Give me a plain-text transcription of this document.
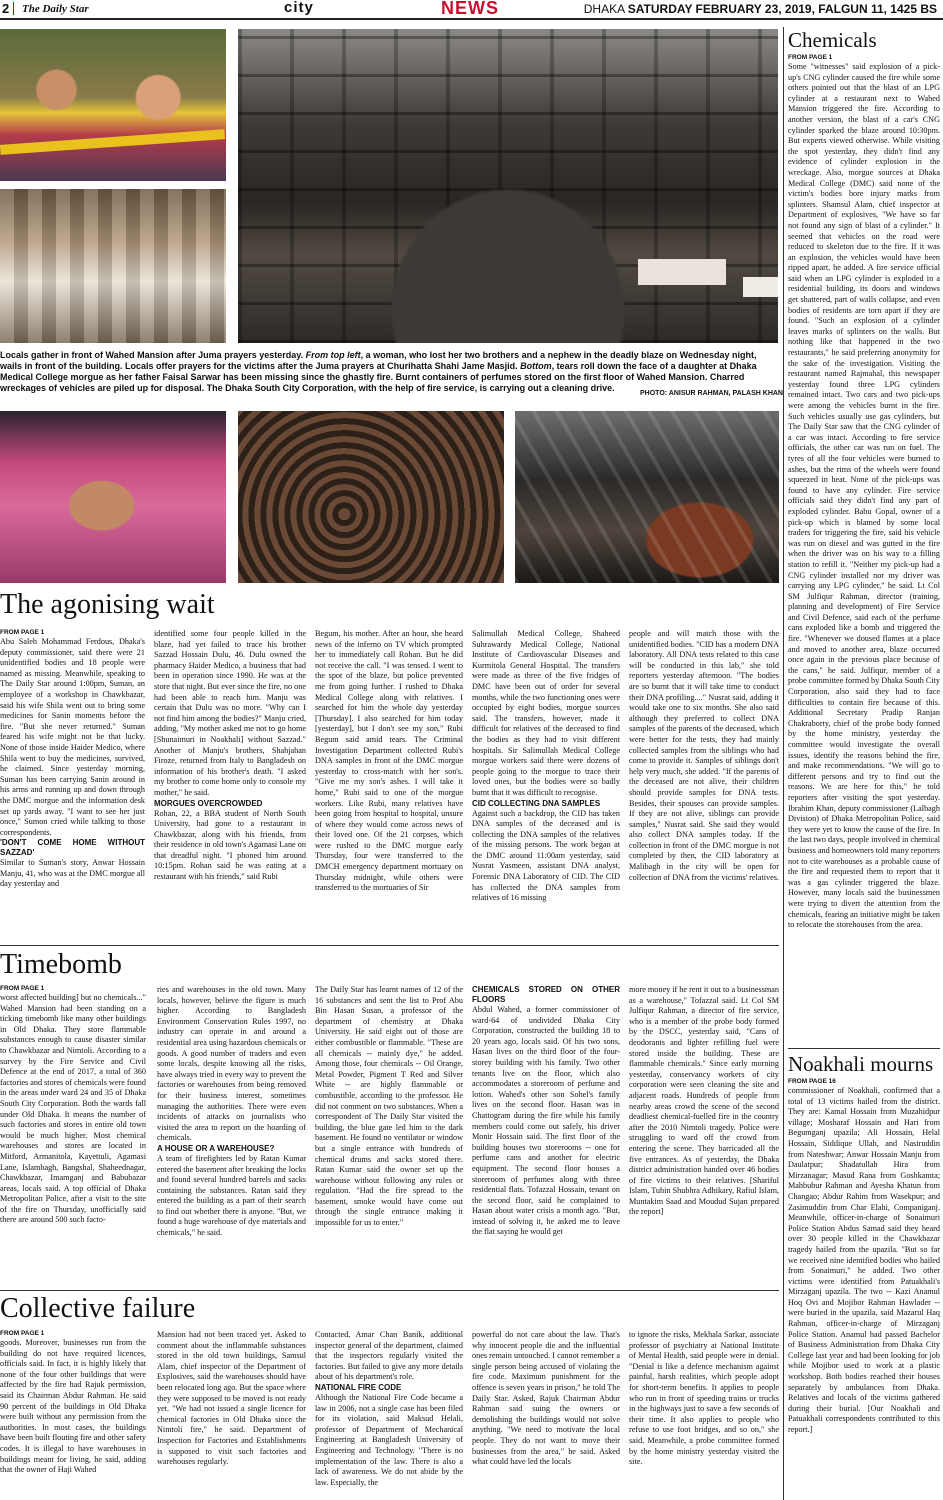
2 The Daily Star	city	NEWS	DHAKA SATURDAY FEBRUARY 23, 2019, FALGUN 11, 1425 BS
Locals gather in front of Wahed Mansion after Juma prayers yesterday. From top left, a woman, who lost her two brothers and a nephew in the deadly blaze on Wednesday night, wails in front of the building. Locals offer prayers for the victims after the Juma prayers at Churihatta Shahi Jame Masjid. Bottom, tears roll down the face of a daughter at Dhaka Medical College morgue as her father Faisal Sarwar has been missing since the ghastly fire. Burnt containers of perfumes stored on the first floor of Wahed Mansion. Charred wreckages of vehicles are piled up for disposal. The Dhaka South City Corporation, with the help of fire service, is carrying out a cleaning drive.
PHOTO: ANISUR RAHMAN, PALASH KHAN
The agonising wait
FROM PAGE 1

Abu Saleh Mohammad Ferdous, Dhaka's deputy commissioner, said there were 21 unidentified bodies and 18 people were named as missing. Meanwhile, speaking to The Daily Star around 1:00pm, Suman, an employee of a workshop in Chawkbazar, said his wife Shila went out to bring some medicines for Sanin moments before the fire. "But she never returned." Suman feared his wife might not be that lucky. None of those inside Haider Medico, where Shila went to buy the medicines, survived, he claimed. Since yesterday morning, Suman has been carrying Sanin around in his arms and running up and down through the DMC morgue and the information desk set up yards away. "I want to see her just once," Sumon cried while talking to those correspondents.

'DON'T COME HOME WITHOUT SAZZAD'

Similar to Suman's story, Anwar Hossain Manju, 41, who was at the DMC morgue all day yesterday and

identified some four people killed in the blaze, had yet failed to trace his brother Sazzad Hossain Dulu, 46. Dulu owned the pharmacy Haider Medico, a business that had been in operation since 1990. He was at the store that night. But ever since the fire, no one had been able to reach him. Manju was certain that Dulu was no more. "Why can I not find him among the bodies?" Manju cried, adding, "My mother asked me not to go home [Shunaimuri in Noakhali] without Sazzad." Another of Manju's brothers, Shahjahan Firoze, returned from Italy to Bangladesh on information of his brother's death. "I asked my brother to come home only to console my mother," he said.

MORGUES OVERCROWDED

Rohan, 22, a BBA student of North South University, had gone to a restaurant in Chawkbazar, along with his friends, from their residence in old town's Agamasi Lane on that dreadful night. "I phoned him around 10:15pm. Rohan said he was eating at a restaurant with his friends," said Rubi

Begum, his mother. After an hour, she heard news of the inferno on TV which prompted her to immediately call Rohan. But he did not receive the call. "I was tensed. I went to the spot of the blaze, but police prevented me from going further. I rushed to Dhaka Medical College along with relatives. I searched for him the whole day yesterday [Thursday]. I also searched for him today [yesterday], but I don't see my son," Rubi Begum said amid tears. The Criminal Investigation Department collected Rubi's DNA samples in front of the DMC morgue yesterday to cross-match with her son's. "Give me my son's ashes. I will take it home," Rubi said to one of the morgue workers. Like Rubi, many relatives have been going from hospital to hospital, unsure of where they would come across news of their loved one. Of the 21 corpses, which were rushed to the DMC morgue early Thursday, four were transferred to the DMCH emergency department mortuary on Thursday midnight, while others were transferred to the mortuaries of Sir

Salimullah Medical College, Shaheed Suhrawardy Medical College, National Institute of Cardiovascular Diseases and Kurmitola General Hospital. The transfers were made as three of the five fridges of DMC have been out of order for several months, while the two functioning ones were occupied by eight bodies, morgue sources said. The transfers, however, made it difficult for relatives of the deceased to find the bodies as they had to visit different hospitals. Sir Salimullah Medical College morgue workers said there were dozens of people going to the morgue to trace their loved ones, but the bodies were so badly burnt that it was difficult to recognise.

CID COLLECTING DNA SAMPLES

Against such a backdrop, the CID has taken DNA samples of the deceased and is collecting the DNA samples of the relatives of the missing persons. The work began at the DMC around 11:00am yesterday, said Nusrat Yasmeen, assistant DNA analyst, Forensic DNA Laboratory of CID. The CID has collected the DNA samples from relatives of 16 missing

people and will match those with the unidentified bodies. "CID has a modern DNA laboratory. All DNA tests related to this case will be conducted in this lab," she told reporters yesterday afternoon. "The bodies are so burnt that it will take time to conduct their DNA profiling...." Nusrat said, adding it would take one to six months. She also said although they preferred to collect DNA samples of the parents of the deceased, which were better for the tests, they had mainly collected samples from the siblings who had come to provide it. Samples of siblings don't help very much, she added. "If the parents of the deceased are not alive, their children should provide samples for DNA tests. Besides, their spouses can provide samples. If they are not alive, siblings can provide samples," Nusrat said. She said they would also collect DNA samples today. If the collection in front of the DMC morgue is not completed by then, the CID laboratory at Malibagh in the city will be open for collection of DNA from the victims' relatives.

Timebomb
FROM PAGE 1

worst affected building] but no chemicals..." Wahed Mansion had been standing on a ticking timebomb like many other buildings in Old Dhaka. They store flammable substances enough to cause disaster similar to Chawkbazar and Nimtoli. According to a survey by the Fire Service and Civil Defence at the end of 2017, a total of 360 factories and stores of chemicals were found in the areas under ward 24 and 35 of Dhaka South City Corporation. Both the wards fall under Old Dhaka. It means the number of such factories and stores in entire old town would be much higher. Most chemical warehouses and stores are located in Mitford, Armanitola, Kayettuli, Agamasi Lane, Islambagh, Bangshal, Shaheednagar, Chawkbazar, Imamganj and Babubazar areas, locals said. A top official of Dhaka Metropolitan Police, after a visit to the site of the fire on Thursday, unofficially said there are around 500 such facto-

ries and warehouses in the old town. Many locals, however, believe the figure is much higher. According to Bangladesh Environment Conservation Rules 1997, no industry can operate in and around a residential area using hazardous chemicals or goods. A good number of traders and even some locals, despite knowing all the risks, have always tried in every way to prevent the factories or warehouses from being removed for their business interest, sometimes managing the authorities. There were even incidents of attacks on journalists who visited the area to report on the hoarding of chemicals.

A HOUSE OR A WAREHOUSE?

A team of firefighters led by Ratan Kumar entered the basement after breaking the locks and found several hundred barrels and sacks containing the substances. Ratan said they entered the building as a part of their search to find out whether there is anyone. "But, we found a huge warehouse of dye materials and chemicals," he said.

The Daily Star has learnt names of 12 of the 16 substances and sent the list to Prof Abu Bin Hasan Susan, a professor of the department of chemistry at Dhaka University. He said eight out of those are either combustible or flammable. "These are all chemicals -- mainly dye," he added. Among those, four chemicals -- Oil Orange, Metal Powder, Pigment T Red and Silver White -- are highly flammable or combustible, according to the professor. He did not comment on two substances. When a correspondent of The Daily Star visited the building, the blue gate led him to the dark basement. He found no ventilator or window but a single entrance with hundreds of chemical drums and sacks stored there. Ratan Kumar said the owner set up the warehouse without following any rules or regulation. "Had the fire spread to the basement, smoke would have come out through the single entrance making it impossible for us to enter."

CHEMICALS STORED ON OTHER FLOORS

Abdul Wahed, a former commissioner of ward-64 of undivided Dhaka City Corporation, constructed the building 18 to 20 years ago, locals said. Of his two sons, Hasan lives on the third floor of the four-storey building with his family. Two other tenants live on the floor, which also accommodates a storeroom of perfume and lotion. Wahed's other son Sohel's family lives on the second floor. Hasan was in Chattogram during the fire while his family members could come out safely, his driver Monir Hossain said. The first floor of the building houses two storerooms -- one for perfume cans and another for electric equipment. The second floor houses a storeroom of perfumes along with three residential flats. Tofazzal Hossain, tenant on the second floor, said he complained to Hasan about water crisis a month ago. "But, instead of solving it, he asked me to leave the flat saying he would get

more money if he rent it out to a businessman as a warehouse," Tofazzal said. Lt Col SM Julfiqur Rahman, a director of fire service, who is a member of the probe body formed by the DSCC, yesterday said, "Cans of deodorants and lighter refilling fuel were stored inside the building. These are flammable chemicals." Since early morning yesterday, conservancy workers of city corporation were seen cleaning the site and adjacent roads. Hundreds of people from nearby areas crowd the scene of the second deadliest chemical-fuelled fire in the country after the 2010 Nimtoli tragedy. Police were struggling to ward off the crowd from entering the scene. They barricaded all the five entrances. As of yesterday, the Dhaka district administration handed over 46 bodies of fire victims to their relatives. [Shariful Islam, Tuhin Shubhra Adhikary, Rafiul Islam, Muntakim Saad and Moudud Sujan prepared the report]

Collective failure
FROM PAGE 1

goods. Moreover, businesses run from the building do not have required licences, officials said. In fact, it is highly likely that none of the four other buildings that were affected by the fire had Rajuk permission, said its Chairman Abdur Rahman. He said 90 percent of the buildings in Old Dhaka were built without any permission from the authorities. In most cases, the buildings have been built flouting fire and other safety codes. It is illegal to have warehouses in buildings meant for living, he said, adding that the owner of Haji Wahed

Mansion had not been traced yet. Asked to comment about the inflammable substances stored in the old town buildings, Samsul Alam, chief inspector of the Department of Explosives, said the warehouses should have been relocated long ago. But the space where they were supposed to be moved is not ready yet. "We had not issued a single licence for chemical factories in Old Dhaka since the Nimtoli fire," he said. Department of Inspection for Factories and Establishments is supposed to visit such factories and warehouses regularly.

Contacted, Amar Chan Banik, additional inspector general of the department, claimed that the inspectors regularly visited the factories. But failed to give any more details about of his department's role.

NATIONAL FIRE CODE

Although the National Fire Code became a law in 2006, not a single case has been filed for its violation, said Maksud Helali, professor of Department of Mechanical Engineering at Bangladesh University of Engineering and Technology. "There is no implementation of the law. There is also a lack of awareness. We do not abide by the law. Especially, the

powerful do not care about the law. That's why innocent people die and the influential ones remain untouched. I cannot remember a single person being accused of violating the fire code. Maximum punishment for the offence is seven years in prison," he told The Daily Star. Asked, Rajuk Chairman Abdur Rahman said suing the owners or demolishing the buildings would not solve anything. "We need to motivate the local people. They do not want to move their businesses from the area," he said. Asked what could have led the locals

to ignore the risks, Mekhala Sarkar, associate professor of psychiatry at National Institute of Mental Health, said people were in denial. "Denial is like a defence mechanism against painful, harsh realities, which people adopt for short-term benefits. It applies to people who run in front of speeding trains or trucks in the highways just to save a few seconds of their time. It also applies to people who refuse to use foot bridges, and so on," she said. Meanwhile, a probe committee formed by the home ministry yesterday visited the site.

Chemicals
FROM PAGE 1

Some "witnesses" said explosion of a pick-up's CNG cylinder caused the fire while some others pointed out that the blast of an LPG cylinder at a restaurant next to Wahed Mansion triggered the fire. According to another version, the blast of a car's CNG cylinder sparked the blaze around 10:30pm. But experts viewed otherwise. While visiting the spot yesterday, they didn't find any evidence of cylinder explosion in the wreckage. Also, morgue sources at Dhaka Medical College (DMC) said none of the victim's bodies bore injury marks from splinters. Shamsul Alam, chief inspector at Department of explosives, "We have so far not found any sign of blast of a cylinder." It seemed that vehicles on the road were reduced to skeleton due to the fire. If it was an explosion, the vehicles would have been ripped apart, he added. A fire service official said when an LPG cylinder is exploded in a residential building, its doors and windows get shattered, part of walls collapse, and even bodies of residents are torn apart if they are found. "Such an explosion of a cylinder leaves marks of splinters on the walls. But nothing like that happened in the two restaurants," he said preferring anonymity for the sake of the investigation. Visiting the restaurant named Rajmahal, this newspaper yesterday found three LPG cylinders remained intact. Two cars and two pick-ups were among the vehicles burnt in the fire. Such vehicles usually use gas cylinders, but The Daily Star saw that the CNG cylinder of a car was intact. According to fire service officials, the other car was run on fuel. The tyres of all the four vehicles were burned to ashes, but the rims of the wheels were found squeezed in heat. None of the pick-ups was found to have any cylinder. Fire service officials said they didn't find any part of exploded cylinder. Babu Gopal, owner of a pick-up which is blamed by some local traders for triggering the fire, said his vehicle was run on diesel and was gutted in the fire when the driver was on his way to a filling station to refill it. "Neither my pick-up had a CNG cylinder installed nor my driver was carrying any LPG cylinder," he said. Lt Col SM Julfiqur Rahman, director (training, planning and development) of Fire Service and Civil Defence, said each of the perfume cans exploded like a bomb and triggered the fire. "Whenever we doused flames at a place and moved to another area, blaze occurred once again in the previous place because of the cans," he said. Julfiqur, member of a probe committee formed by Dhaka South City Corporation, also said they had to face difficulties to contain fire because of this. Additional Secretary Pradip Ranjan Chakraborty, chief of the probe body formed by the home ministry, yesterday the committee would investigate the overall issues, identify the reasons behind the fire, and make recommendations. "We will go to different persons and try to find out the reasons. We are here for this," he told reporters after visiting the spot yesterday. Ibrahim Khan, deputy commissioner (Lalbagh Division) of Dhaka Metropolitan Police, said they were yet to know the cause of the fire. In the last two days, people involved in chemical business and homeowners told many reporters not to cite warehouses as a probable cause of the fire and requested them to report that it was a gas cylinder triggered the blaze. However, many locals said the businessmen were trying to divert the attention from the chemicals, fearing an initiative might be taken to relocate the storehouses from the area.

Noakhali mourns
FROM PAGE 16

commissioner of Noakhali, confirmed that a total of 13 victims hailed from the district. They are: Kamal Hossain from Muzahidpur village; Mosharaf Hossain and Hari from Begumganj upazila; Ali Hossain, Helal Hossain, Siddique Ullah, and Nasiruddin from Nateshwar; Anwar Hossain Manju from Daulatpur; Shadatullah Hira from Mirzanagar; Masud Rana from Goshkamta; Mahbubur Rahman and Ayesha Khatun from Changao; Abdur Rahim from Wasekpur; and Zasimuddin from Char Elahi, Companiganj. Meanwhile, officer-in-charge of Sonaimuri Police Station Abdus Samad said they heard over 30 people killed in the Chawkbazar tragedy hailed from the upazila. "But so far we received nine identified bodies who hailed from Sonaimuri," he added. Two other victims were identified from Patuakhali's Mirzaganj upazila. The two -- Kazi Anamul Hoq Ovi and Mojibor Rahman Hawlader -- were buried in the upazila, said Mazarul Haq Rahman, officer-in-charge of Mirzaganj Police Station. Anamul had passed Bachelor of Business Administration from Dhaka City College last year and had been looking for job while Mojibor used to work at a plastic workshop. Both bodies reached their houses separately by ambulances from Dhaka. Relatives and locals of the victims gathered during their burial. [Our Noakhali and Patuakhali correspondents contributed to this report.]
